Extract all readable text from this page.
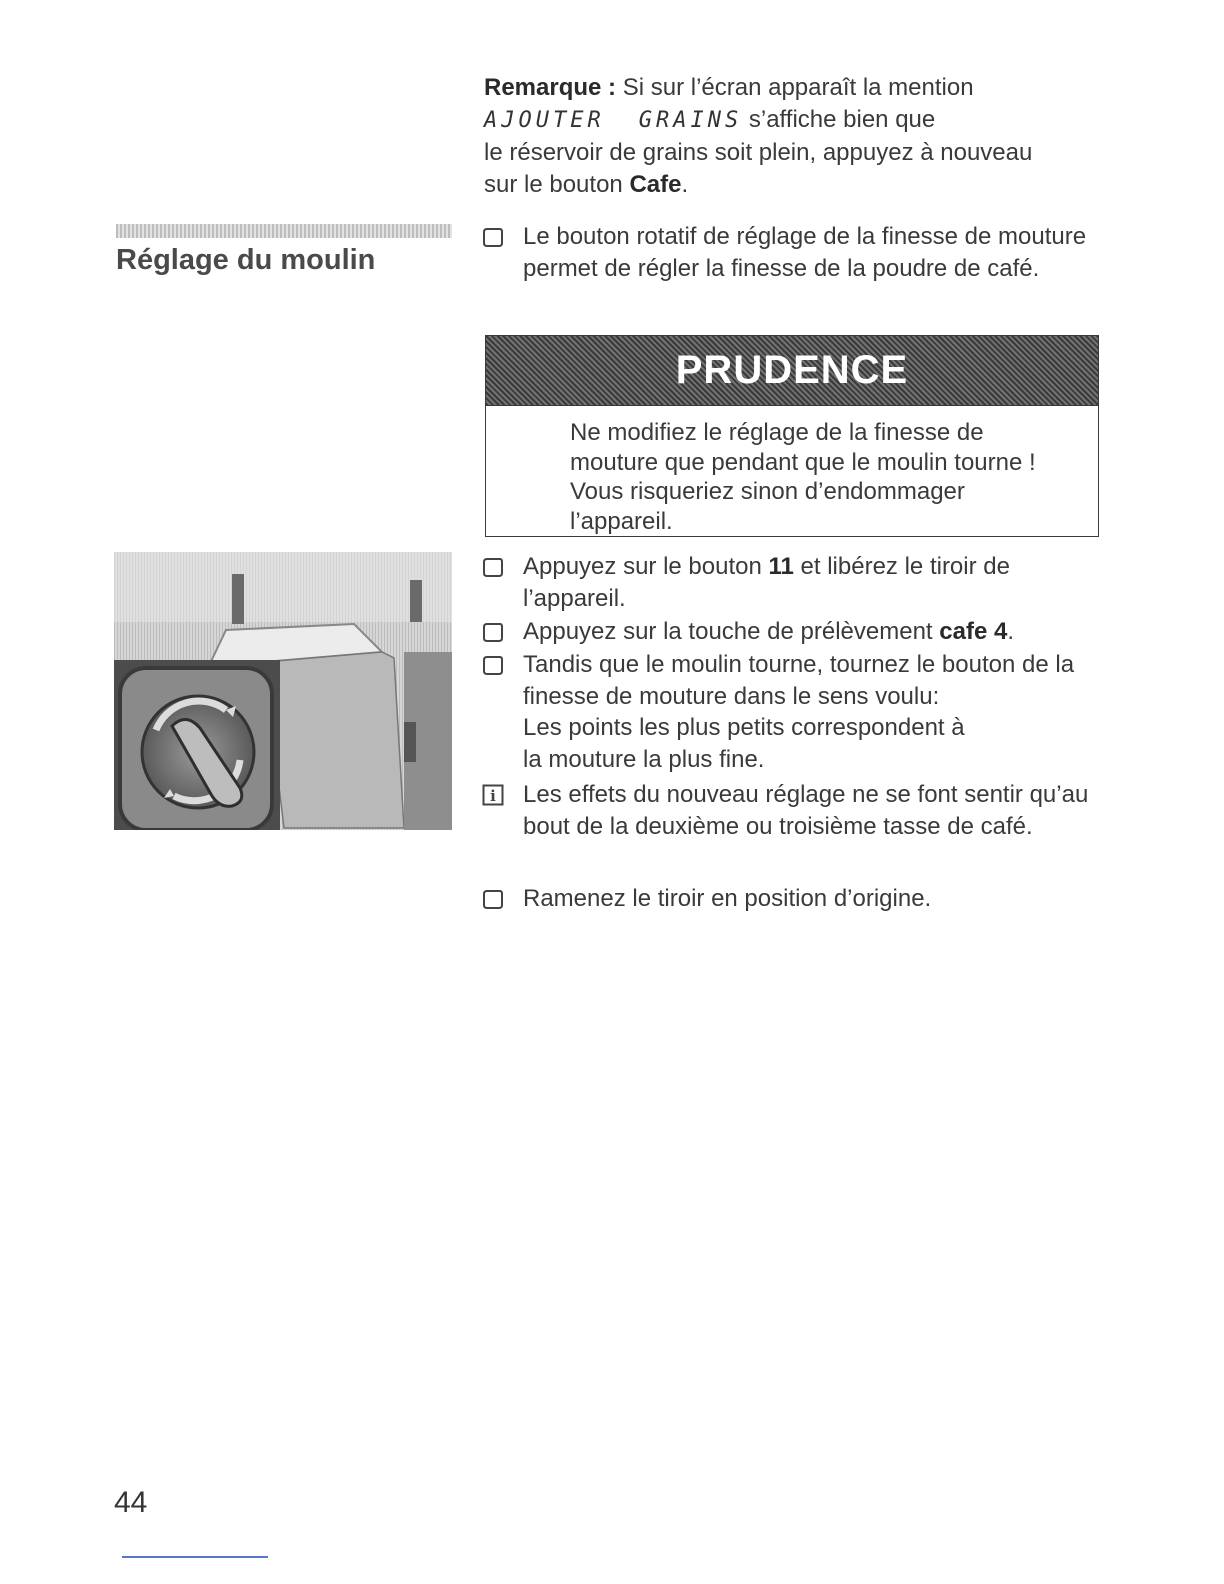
Remarque : Si sur l’écran apparaît la mention
AJOUTER GRAINS s’affiche bien que
le réservoir de grains soit plein, appuyez à nouveau
sur le bouton Cafe.
Réglage du moulin
Le bouton rotatif de réglage de la finesse de mouture permet de régler la finesse de la poudre de café.
PRUDENCE
Ne modifiez le réglage de la finesse de mouture que pendant que le moulin tourne ! Vous risqueriez sinon d’endommager l’appareil.
Appuyez sur le bouton 11 et libérez le tiroir de l’appareil.
Appuyez sur la touche de prélèvement cafe 4.
Tandis que le moulin tourne, tournez le bouton de la finesse de mouture dans le sens voulu:
Les points les plus petits correspondent à
la mouture la plus fine.
i Les effets du nouveau réglage ne se font sentir qu’au bout de la deuxième ou troisième tasse de café.
Ramenez le tiroir en position d’origine.
44
